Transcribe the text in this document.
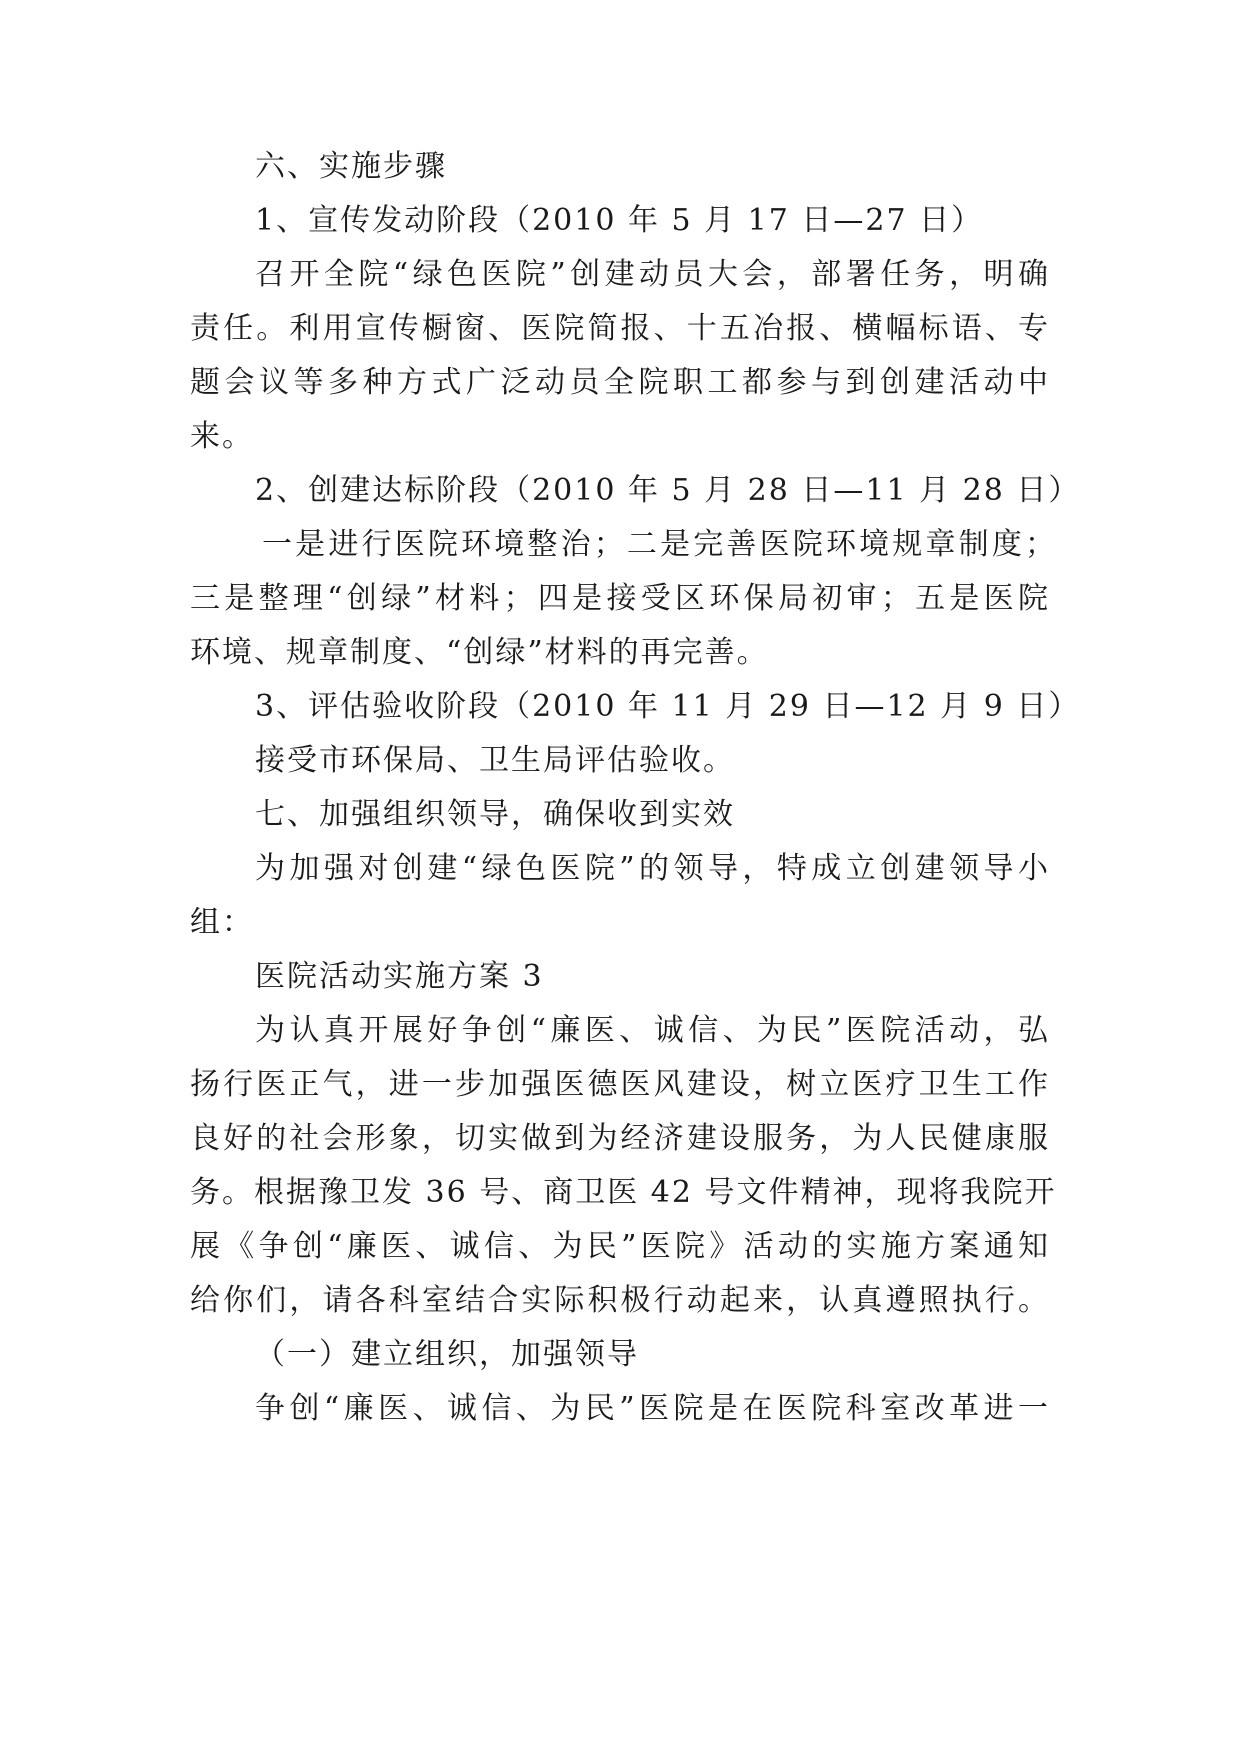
六、实施步骤
1、宣传发动阶段（2010 年 5 月 17 日—27 日）
召开全院“绿色医院”创建动员大会，部署任务，明确
责任。利用宣传橱窗、医院简报、十五冶报、横幅标语、专
题会议等多种方式广泛动员全院职工都参与到创建活动中
来。
2、创建达标阶段（2010 年 5 月 28 日—11 月 28 日）
一是进行医院环境整治；二是完善医院环境规章制度；
三是整理“创绿”材料；四是接受区环保局初审；五是医院
环境、规章制度、“创绿”材料的再完善。
3、评估验收阶段（2010 年 11 月 29 日—12 月 9 日）
接受市环保局、卫生局评估验收。
七、加强组织领导，确保收到实效
为加强对创建“绿色医院”的领导，特成立创建领导小
组：
医院活动实施方案 3
为认真开展好争创“廉医、诚信、为民”医院活动，弘
扬行医正气，进一步加强医德医风建设，树立医疗卫生工作
良好的社会形象，切实做到为经济建设服务，为人民健康服
务。根据豫卫发 36 号、商卫医 42 号文件精神，现将我院开
展《争创“廉医、诚信、为民”医院》活动的实施方案通知
给你们，请各科室结合实际积极行动起来，认真遵照执行。
（一）建立组织，加强领导
争创“廉医、诚信、为民”医院是在医院科室改革进一
